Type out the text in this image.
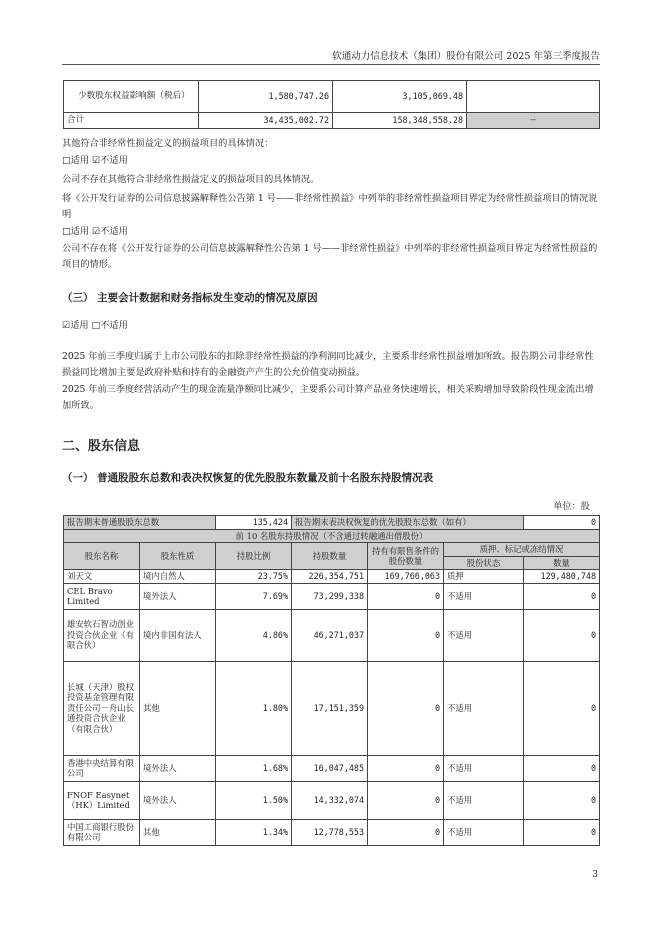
软通动力信息技术（集团）股份有限公司 2025 年第三季度报告
少数股东权益影响额（税后）	1,580,747.26	3,105,069.48	
合计	34,435,002.72	158,348,558.28	--
其他符合非经常性损益定义的损益项目的具体情况：
□适用 ☑不适用
公司不存在其他符合非经常性损益定义的损益项目的具体情况。
将《公开发行证券的公司信息披露解释性公告第 1 号——非经常性损益》中列举的非经常性损益项目界定为经常性损益项目的情况说明
□适用 ☑不适用
公司不存在将《公开发行证券的公司信息披露解释性公告第 1 号——非经常性损益》中列举的非经常性损益项目界定为经常性损益的项目的情形。
（三） 主要会计数据和财务指标发生变动的情况及原因
☑适用 □不适用
2025 年前三季度归属于上市公司股东的扣除非经常性损益的净利润同比减少，主要系非经常性损益增加所致。报告期公司非经常性损益同比增加主要是政府补贴和持有的金融资产产生的公允价值变动损益。
2025 年前三季度经营活动产生的现金流量净额同比减少，主要系公司计算产品业务快速增长，相关采购增加导致阶段性现金流出增加所致。
二、股东信息
（一） 普通股股东总数和表决权恢复的优先股股东数量及前十名股东持股情况表
单位：股
报告期末普通股股东总数		135,424	报告期末表决权恢复的优先股股东总数（如有）			0
前 10 名股东持股情况（不含通过转融通出借股份）						
股东名称	股东性质	持股比例	持股数量	持有有限售条件的股份数量	质押、标记或冻结情况	
					股份状态	数量
刘天文	境内自然人	23.75%	226,354,751	169,766,063	质押	129,480,748
CEL Bravo Limited	境外法人	7.69%	73,299,338	0	不适用	0
雄安软石智动创业投资合伙企业（有限合伙）	境内非国有法人	4.86%	46,271,037	0	不适用	0
长城（天津）股权投资基金管理有限责任公司－舟山长通投资合伙企业（有限合伙）	其他	1.80%	17,151,359	0	不适用	0
香港中央结算有限公司	境外法人	1.68%	16,047,485	0	不适用	0
FNOF Easynet（HK）Limited	境外法人	1.50%	14,332,074	0	不适用	0
中国工商银行股份有限公司	其他	1.34%	12,778,553	0	不适用	0
3
